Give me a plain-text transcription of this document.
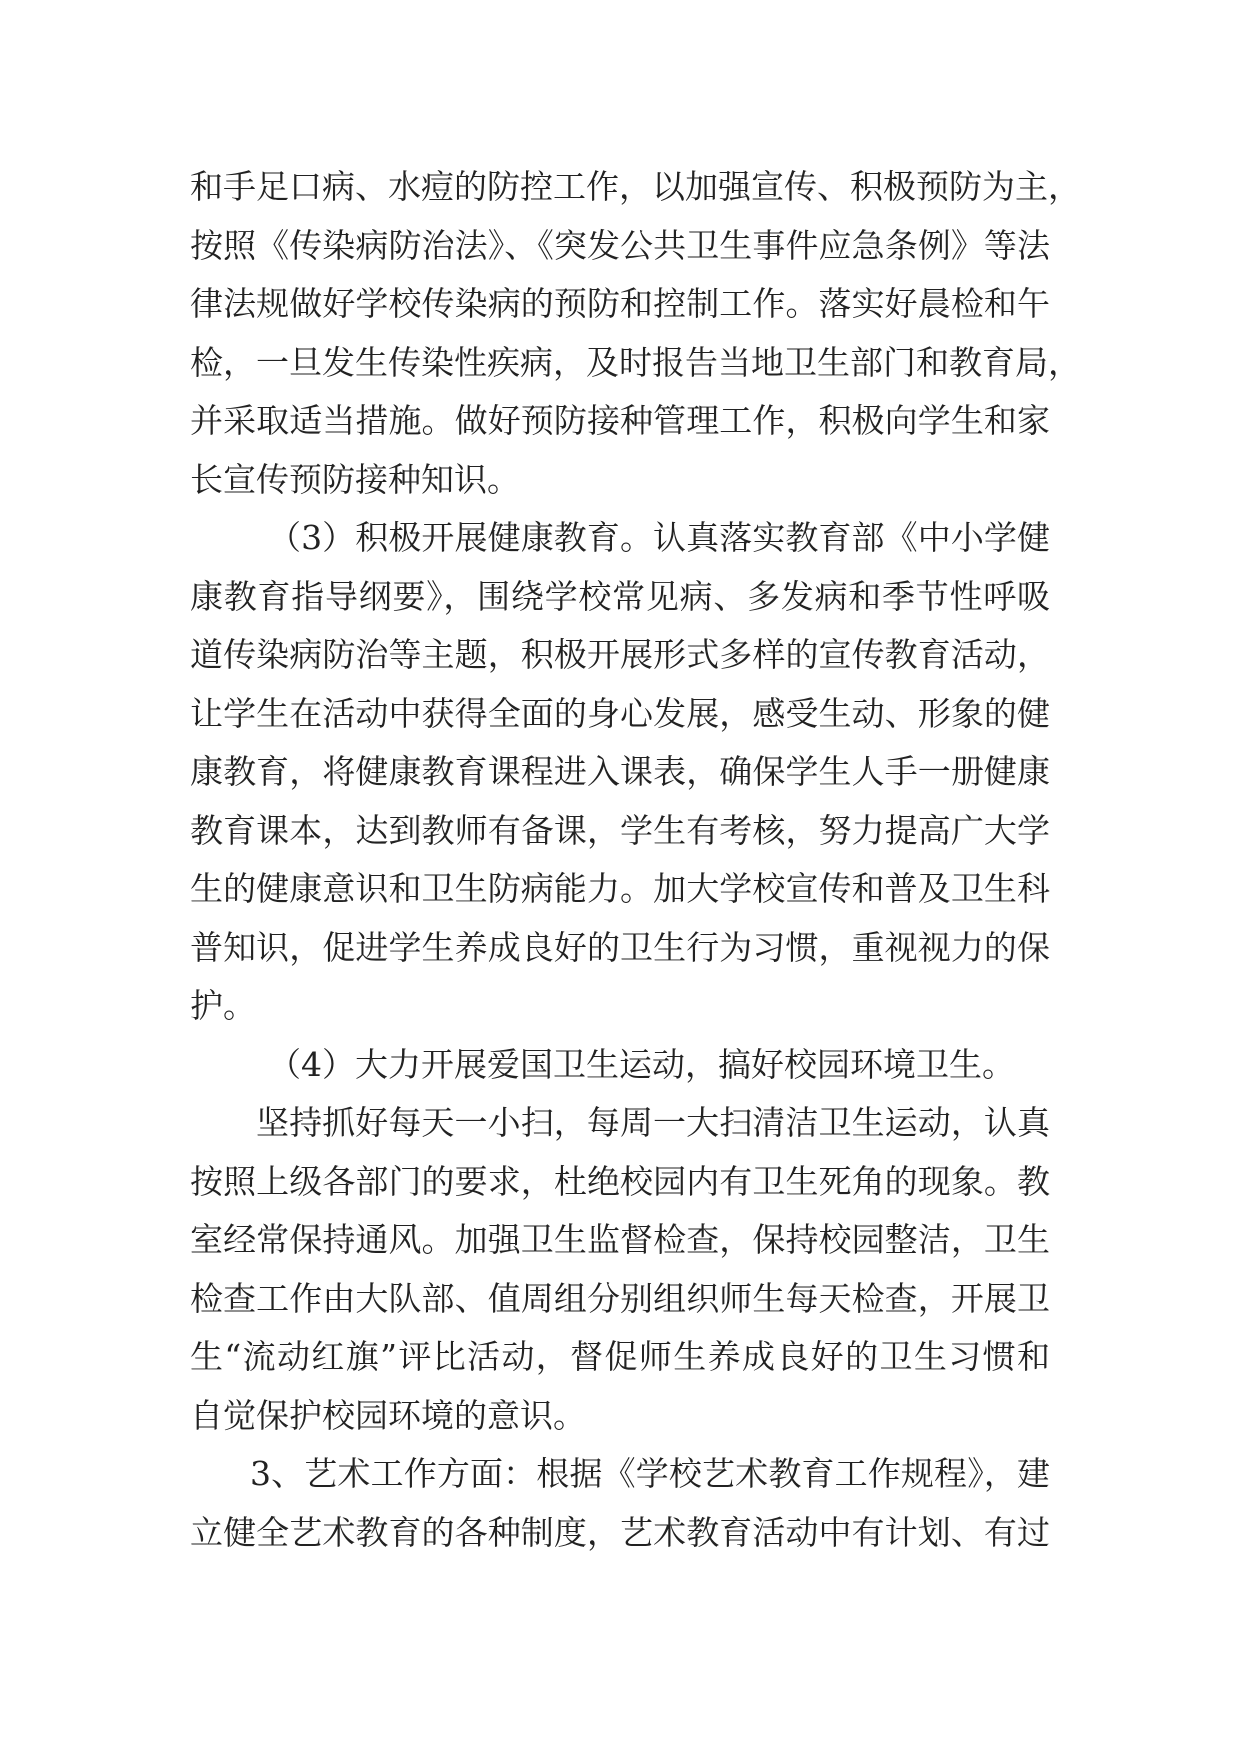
和手足口病、水痘的防控工作，以加强宣传、积极预防为主，
按照《传染病防治法》、《突发公共卫生事件应急条例》等法
律法规做好学校传染病的预防和控制工作。落实好晨检和午
检，一旦发生传染性疾病，及时报告当地卫生部门和教育局，
并采取适当措施。做好预防接种管理工作，积极向学生和家
长宣传预防接种知识。
（3）积极开展健康教育。认真落实教育部《中小学健
康教育指导纲要》，围绕学校常见病、多发病和季节性呼吸
道传染病防治等主题，积极开展形式多样的宣传教育活动，
让学生在活动中获得全面的身心发展，感受生动、形象的健
康教育，将健康教育课程进入课表，确保学生人手一册健康
教育课本，达到教师有备课，学生有考核，努力提高广大学
生的健康意识和卫生防病能力。加大学校宣传和普及卫生科
普知识，促进学生养成良好的卫生行为习惯，重视视力的保
护。
（4）大力开展爱国卫生运动，搞好校园环境卫生。
坚持抓好每天一小扫，每周一大扫清洁卫生运动，认真
按照上级各部门的要求，杜绝校园内有卫生死角的现象。教
室经常保持通风。加强卫生监督检查，保持校园整洁，卫生
检查工作由大队部、值周组分别组织师生每天检查，开展卫
生“流动红旗”评比活动，督促师生养成良好的卫生习惯和
自觉保护校园环境的意识。
3、艺术工作方面：根据《学校艺术教育工作规程》，建
立健全艺术教育的各种制度，艺术教育活动中有计划、有过
